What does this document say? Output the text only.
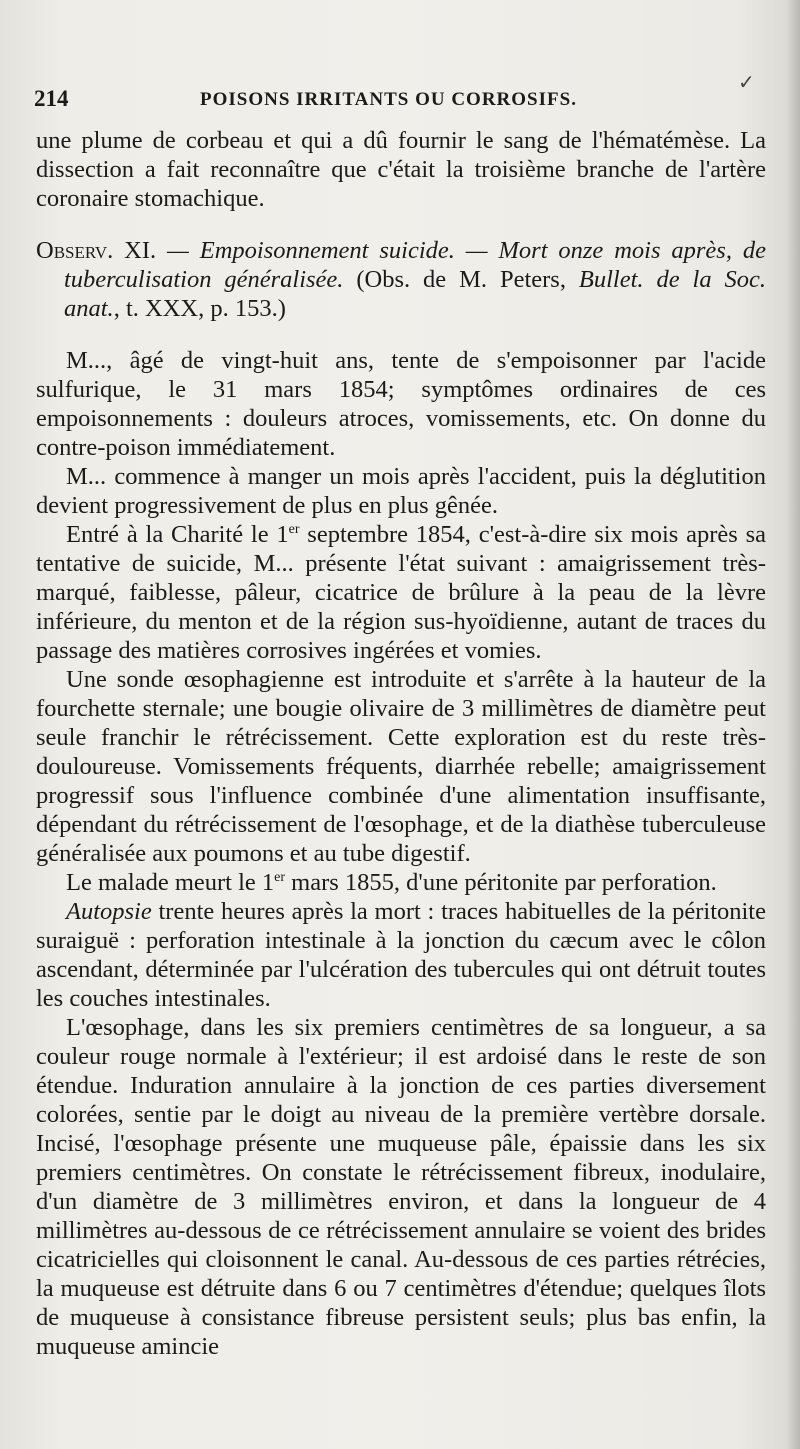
214	POISONS IRRITANTS OU CORROSIFS.
✓

une plume de corbeau et qui a dû fournir le sang de l'hématémèse. La dissection a fait reconnaître que c'était la troisième branche de l'artère coronaire stomachique.

Observ. XI. — Empoisonnement suicide. — Mort onze mois après, de tuberculisation généralisée. (Obs. de M. Peters, Bullet. de la Soc. anat., t. XXX, p. 153.)

M..., âgé de vingt-huit ans, tente de s'empoisonner par l'acide sulfurique, le 31 mars 1854; symptômes ordinaires de ces empoisonnements : douleurs atroces, vomissements, etc. On donne du contre-poison immédiatement.

M... commence à manger un mois après l'accident, puis la déglutition devient progressivement de plus en plus gênée.

Entré à la Charité le 1er septembre 1854, c'est-à-dire six mois après sa tentative de suicide, M... présente l'état suivant : amaigrissement très-marqué, faiblesse, pâleur, cicatrice de brûlure à la peau de la lèvre inférieure, du menton et de la région sus-hyoïdienne, autant de traces du passage des matières corrosives ingérées et vomies.

Une sonde œsophagienne est introduite et s'arrête à la hauteur de la fourchette sternale; une bougie olivaire de 3 millimètres de diamètre peut seule franchir le rétrécissement. Cette exploration est du reste très-douloureuse. Vomissements fréquents, diarrhée rebelle; amaigrissement progressif sous l'influence combinée d'une alimentation insuffisante, dépendant du rétrécissement de l'œsophage, et de la diathèse tuberculeuse généralisée aux poumons et au tube digestif.

Le malade meurt le 1er mars 1855, d'une péritonite par perforation.

Autopsie trente heures après la mort : traces habituelles de la péritonite suraiguë : perforation intestinale à la jonction du cæcum avec le côlon ascendant, déterminée par l'ulcération des tubercules qui ont détruit toutes les couches intestinales.

L'œsophage, dans les six premiers centimètres de sa longueur, a sa couleur rouge normale à l'extérieur; il est ardoisé dans le reste de son étendue. Induration annulaire à la jonction de ces parties diversement colorées, sentie par le doigt au niveau de la première vertèbre dorsale. Incisé, l'œsophage présente une muqueuse pâle, épaissie dans les six premiers centimètres. On constate le rétrécissement fibreux, inodulaire, d'un diamètre de 3 millimètres environ, et dans la longueur de 4 millimètres au-dessous de ce rétrécissement annulaire se voient des brides cicatricielles qui cloisonnent le canal. Au-dessous de ces parties rétrécies, la muqueuse est détruite dans 6 ou 7 centimètres d'étendue; quelques îlots de muqueuse à consistance fibreuse persistent seuls; plus bas enfin, la muqueuse amincie
